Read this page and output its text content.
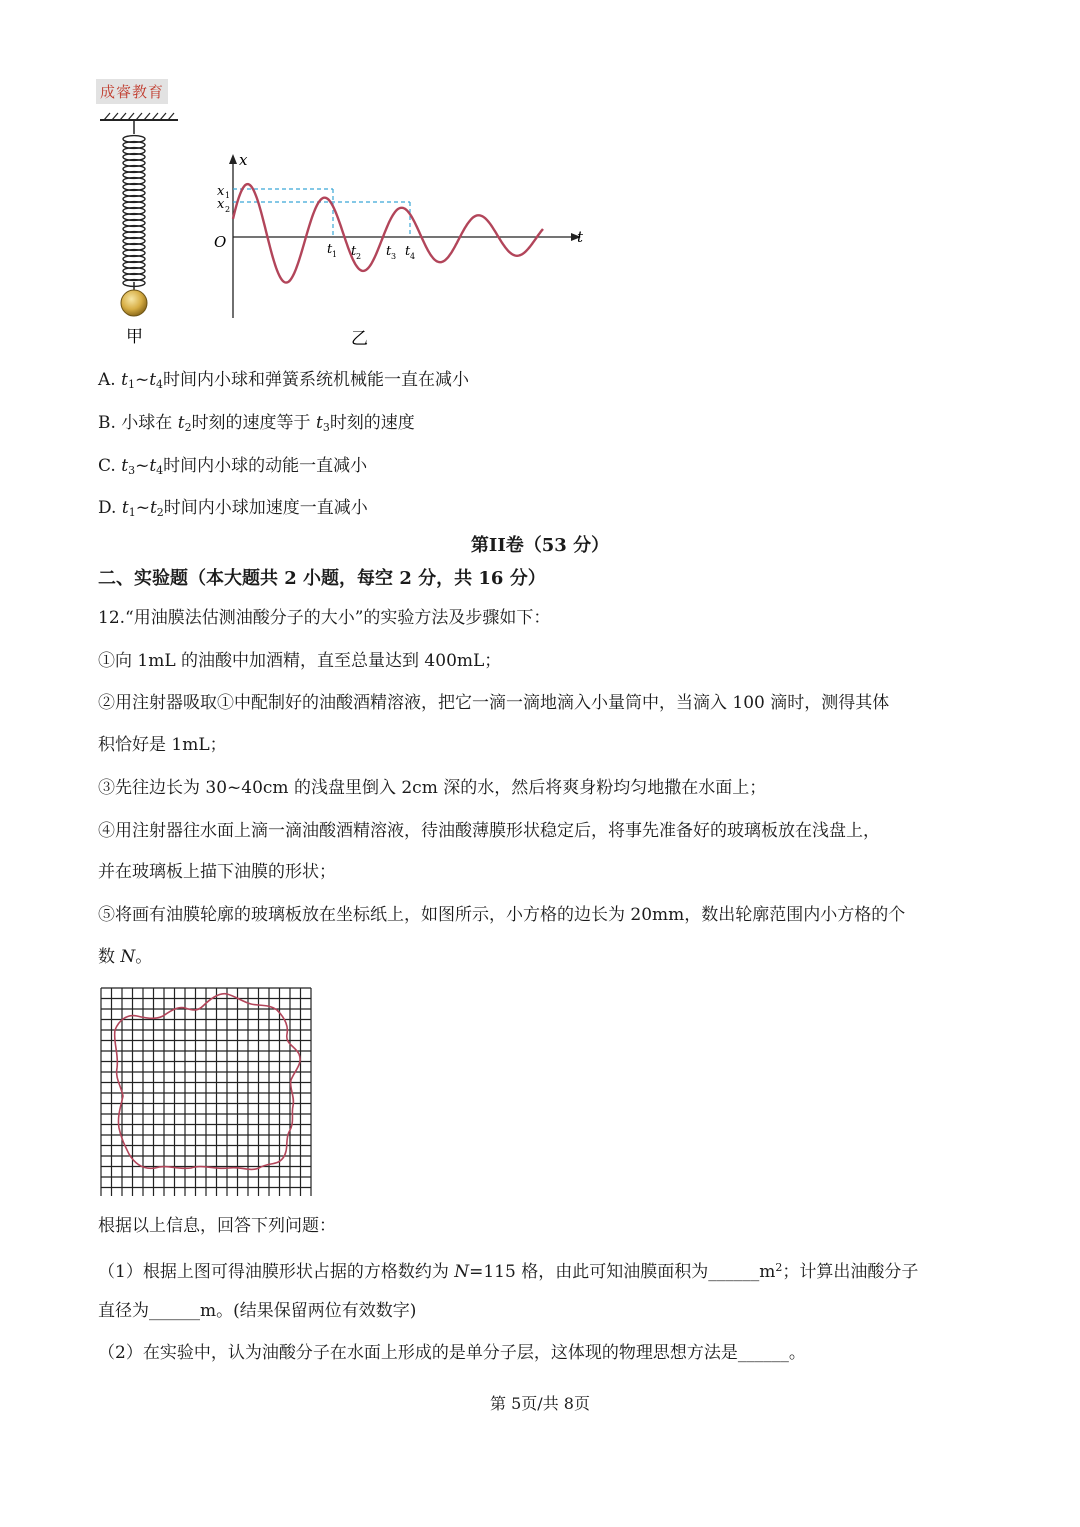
成睿教育
甲
x
t
O
x 1
x 2
t 1 t 2 t 3 t 4
乙
A. $t_1\sim t_4$时间内小球和弹簧系统机械能一直在减小
B. 小球在 $t_2$时刻的速度等于 $t_3$时刻的速度
C. $t_3\sim t_4$时间内小球的动能一直减小
D. $t_1\sim t_2$时间内小球加速度一直减小
第II卷（53 分）
二、实验题（本大题共 2 小题，每空 2 分，共 16 分）
12.“用油膜法估测油酸分子的大小”的实验方法及步骤如下：
①向 1mL 的油酸中加酒精，直至总量达到 400mL；
②用注射器吸取①中配制好的油酸酒精溶液，把它一滴一滴地滴入小量筒中，当滴入 100 滴时，测得其体
积恰好是 1mL；
③先往边长为 30~40cm 的浅盘里倒入 2cm 深的水，然后将爽身粉均匀地撒在水面上；
④用注射器往水面上滴一滴油酸酒精溶液，待油酸薄膜形状稳定后，将事先准备好的玻璃板放在浅盘上，
并在玻璃板上描下油膜的形状；
⑤将画有油膜轮廓的玻璃板放在坐标纸上，如图所示，小方格的边长为 20mm，数出轮廓范围内小方格的个
数 N。
根据以上信息，回答下列问题：
（1）根据上图可得油膜形状占据的方格数约为 N=115 格，由此可知油膜面积为$\_\_\_\_\_\_m^2$；计算出油酸分子
直径为______m。(结果保留两位有效数字)
（2）在实验中，认为油酸分子在水面上形成的是单分子层，这体现的物理思想方法是______。
第 5页/共 8页
